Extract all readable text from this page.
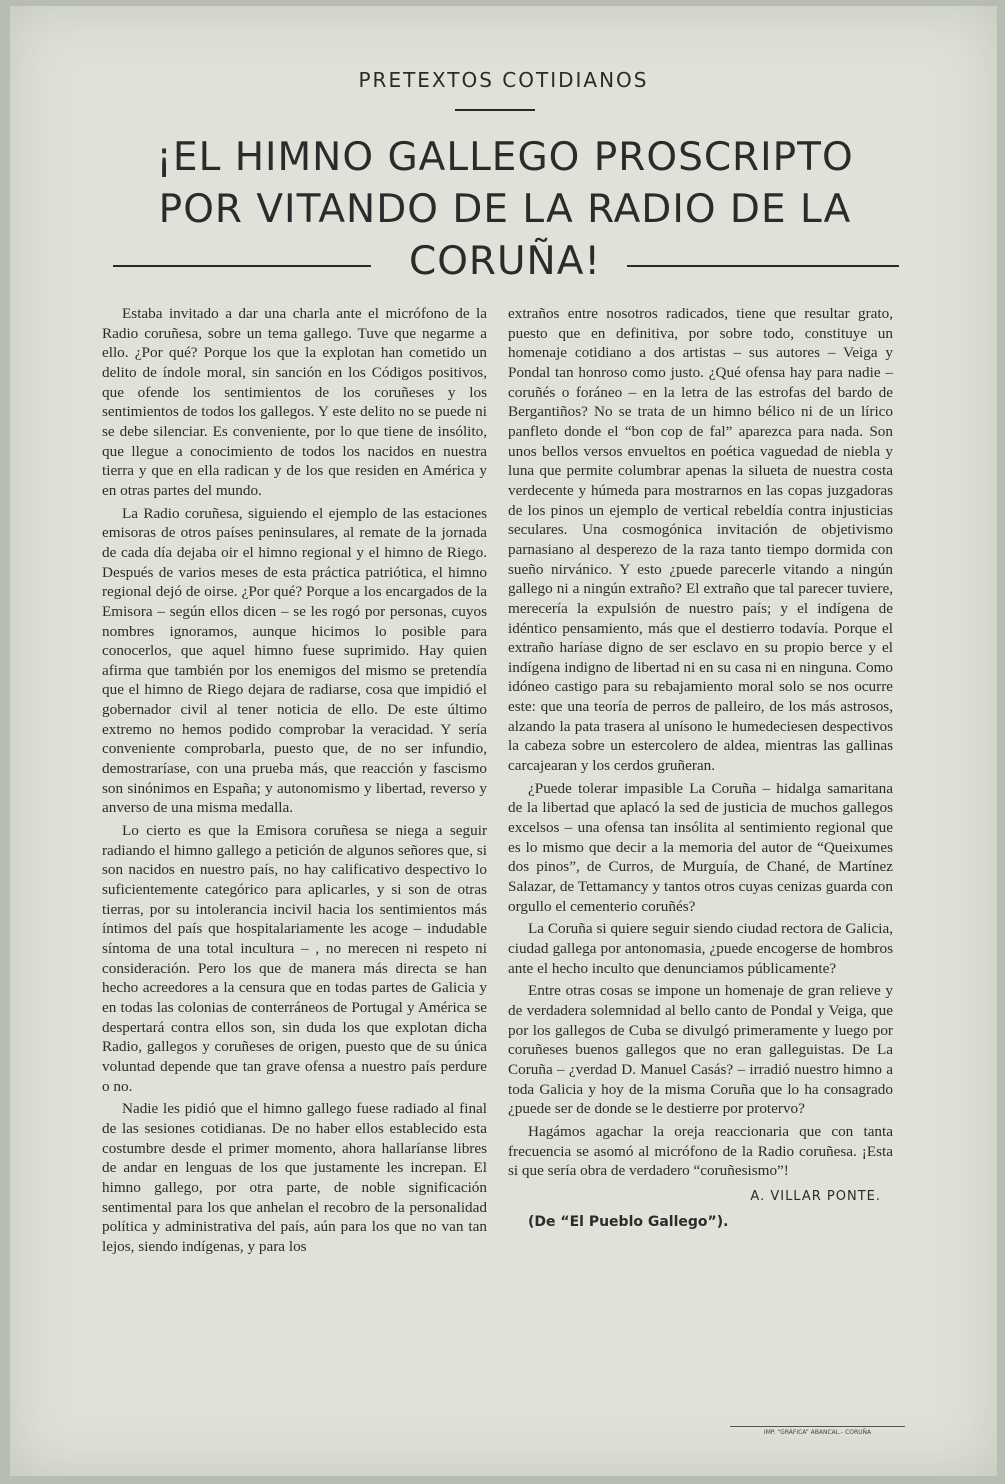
PRETEXTOS COTIDIANOS
¡EL HIMNO GALLEGO PROSCRIPTO
POR VITANDO DE LA RADIO DE LA
CORUÑA!

Estaba invitado a dar una charla ante el micrófono de la Radio coruñesa, sobre un tema gallego. Tuve que negarme a ello. ¿Por qué? Porque los que la explotan han cometido un delito de índole moral, sin sanción en los Códigos positivos, que ofende los sentimientos de los coruñeses y los sentimientos de todos los gallegos. Y este delito no se puede ni se debe silenciar. Es conveniente, por lo que tiene de insólito, que llegue a conocimiento de todos los nacidos en nuestra tierra y que en ella radican y de los que residen en América y en otras partes del mundo.

La Radio coruñesa, siguiendo el ejemplo de las estaciones emisoras de otros países peninsulares, al remate de la jornada de cada día dejaba oir el himno regional y el himno de Riego. Después de varios meses de esta práctica patriótica, el himno regional dejó de oirse. ¿Por qué? Porque a los encargados de la Emisora – según ellos dicen – se les rogó por personas, cuyos nombres ignoramos, aunque hicimos lo posible para conocerlos, que aquel himno fuese suprimido. Hay quien afirma que también por los enemigos del mismo se pretendía que el himno de Riego dejara de radiarse, cosa que impidió el gobernador civil al tener noticia de ello. De este último extremo no hemos podido comprobar la veracidad. Y sería conveniente comprobarla, puesto que, de no ser infundio, demostraríase, con una prueba más, que reacción y fascismo son sinónimos en España; y autonomismo y libertad, reverso y anverso de una misma medalla.

Lo cierto es que la Emisora coruñesa se niega a seguir radiando el himno gallego a petición de algunos señores que, si son nacidos en nuestro país, no hay calificativo despectivo lo suficientemente categórico para aplicarles, y si son de otras tierras, por su intolerancia incivil hacia los sentimientos más íntimos del país que hospitalariamente les acoge – indudable síntoma de una total incultura – , no merecen ni respeto ni consideración. Pero los que de manera más directa se han hecho acreedores a la censura que en todas partes de Galicia y en todas las colonias de conterráneos de Portugal y América se despertará contra ellos son, sin duda los que explotan dicha Radio, gallegos y coruñeses de origen, puesto que de su única voluntad depende que tan grave ofensa a nuestro país perdure o no.

Nadie les pidió que el himno gallego fuese radiado al final de las sesiones cotidianas. De no haber ellos establecido esta costumbre desde el primer momento, ahora hallaríanse libres de andar en lenguas de los que justamente les increpan. El himno gallego, por otra parte, de noble significación sentimental para los que anhelan el recobro de la personalidad política y administrativa del país, aún para los que no van tan lejos, siendo indígenas, y para los

extraños entre nosotros radicados, tiene que resultar grato, puesto que en definitiva, por sobre todo, constituye un homenaje cotidiano a dos artistas – sus autores – Veiga y Pondal tan honroso como justo. ¿Qué ofensa hay para nadie – coruñés o foráneo – en la letra de las estrofas del bardo de Bergantiños? No se trata de un himno bélico ni de un lírico panfleto donde el “bon cop de fal” aparezca para nada. Son unos bellos versos envueltos en poética vaguedad de niebla y luna que permite columbrar apenas la silueta de nuestra costa verdecente y húmeda para mostrarnos en las copas juzgadoras de los pinos un ejemplo de vertical rebeldía contra injusticias seculares. Una cosmogónica invitación de objetivismo parnasiano al desperezo de la raza tanto tiempo dormida con sueño nirvánico. Y esto ¿puede parecerle vitando a ningún gallego ni a ningún extraño? El extraño que tal parecer tuviere, merecería la expulsión de nuestro país; y el indígena de idéntico pensamiento, más que el destierro todavía. Porque el extraño haríase digno de ser esclavo en su propio berce y el indígena indigno de libertad ni en su casa ni en ninguna. Como idóneo castigo para su rebajamiento moral solo se nos ocurre este: que una teoría de perros de palleiro, de los más astrosos, alzando la pata trasera al unísono le humedeciesen despectivos la cabeza sobre un estercolero de aldea, mientras las gallinas carcajearan y los cerdos gruñeran.

¿Puede tolerar impasible La Coruña – hidalga samaritana de la libertad que aplacó la sed de justicia de muchos gallegos excelsos – una ofensa tan insólita al sentimiento regional que es lo mismo que decir a la memoria del autor de “Queixumes dos pinos”, de Curros, de Murguía, de Chané, de Martínez Salazar, de Tettamancy y tantos otros cuyas cenizas guarda con orgullo el cementerio coruñés?

La Coruña si quiere seguir siendo ciudad rectora de Galicia, ciudad gallega por antonomasia, ¿puede encogerse de hombros ante el hecho inculto que denunciamos públicamente?

Entre otras cosas se impone un homenaje de gran relieve y de verdadera solemnidad al bello canto de Pondal y Veiga, que por los gallegos de Cuba se divulgó primeramente y luego por coruñeses buenos gallegos que no eran galleguistas. De La Coruña – ¿verdad D. Manuel Casás? – irradió nuestro himno a toda Galicia y hoy de la misma Coruña que lo ha consagrado ¿puede ser de donde se le destierre por protervo?

Hagámos agachar la oreja reaccionaria que con tanta frecuencia se asomó al micrófono de la Radio coruñesa. ¡Esta si que sería obra de verdadero “coruñesismo”!

A. VILLAR PONTE.
(De “El Pueblo Gallego”).
IMP. “GRÁFICA” ABANCAL.- CORUÑA
